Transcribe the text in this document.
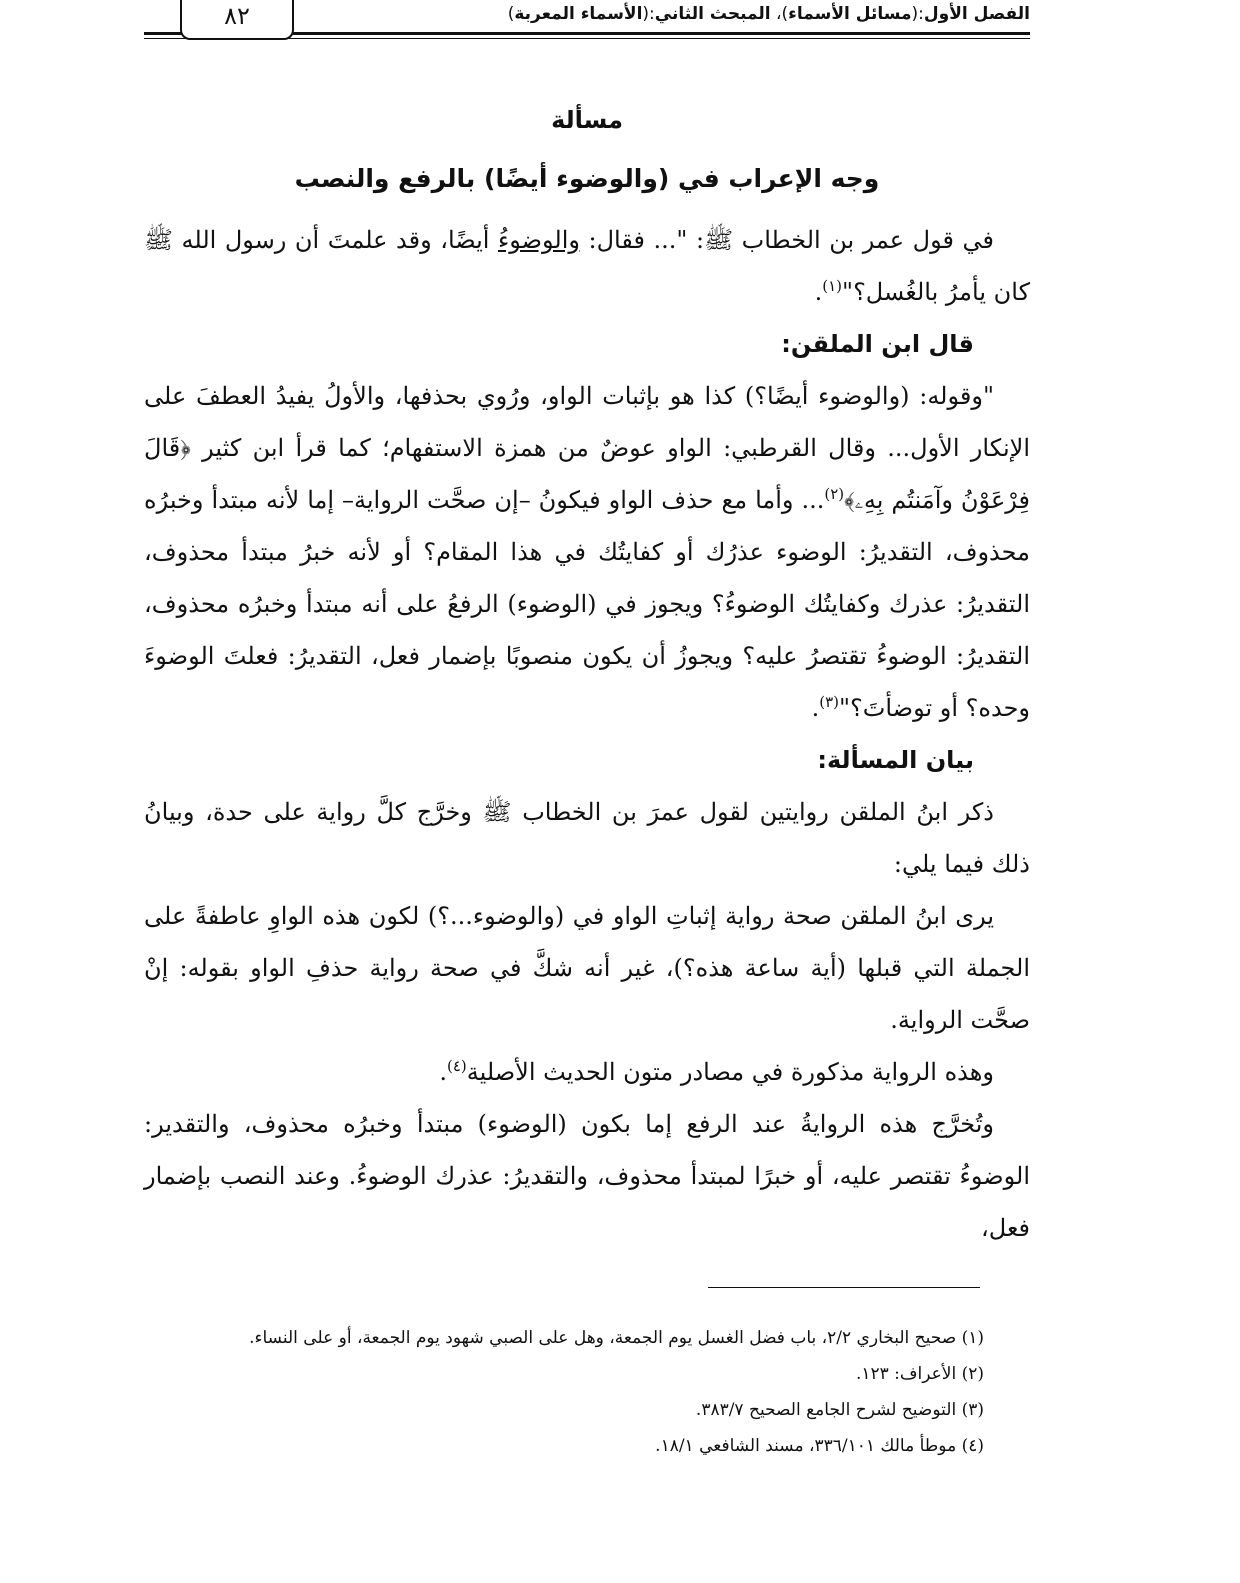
الفصل الأول:(مسائل الأسماء)، المبحث الثاني:(الأسماء المعربة)
٨٢
مسألة
وجه الإعراب في (والوضوء أيضًا) بالرفع والنصب

في قول عمر بن الخطاب ﷺ: "... فقال: والوضوءُ أيضًا، وقد علمتَ أن رسول الله ﷺ كان يأمرُ بالغُسل؟"$^{(١)}$.

قال ابن الملقن:

"وقوله: (والوضوء أيضًا؟) كذا هو بإثبات الواو، ورُوي بحذفها، والأولُ يفيدُ العطفَ على الإنكار الأول... وقال القرطبي: الواو عوضٌ من همزة الاستفهام؛ كما قرأ ابن كثير ﴿قَالَ فِرْعَوْنُ وآمَنتُم بِهِۦ﴾$^{(٢)}$... وأما مع حذف الواو فيكونُ –إن صحَّت الرواية– إما لأنه مبتدأ وخبرُه محذوف، التقديرُ: الوضوء عذرُك أو كفايتُك في هذا المقام؟ أو لأنه خبرُ مبتدأ محذوف، التقديرُ: عذرك وكفايتُك الوضوءُ؟ ويجوز في (الوضوء) الرفعُ على أنه مبتدأ وخبرُه محذوف، التقديرُ: الوضوءُ تقتصرُ عليه؟ ويجوزُ أن يكون منصوبًا بإضمار فعل، التقديرُ: فعلتَ الوضوءَ وحده؟ أو توضأتَ؟"$^{(٣)}$.

بيان المسألة:

ذكر ابنُ الملقن روايتين لقول عمرَ بن الخطاب ﷺ وخرَّج كلَّ رواية على حدة، وبيانُ ذلك فيما يلي:

يرى ابنُ الملقن صحة رواية إثباتِ الواو في (والوضوء...؟) لكون هذه الواوِ عاطفةً على الجملة التي قبلها (أية ساعة هذه؟)، غير أنه شكَّ في صحة رواية حذفِ الواو بقوله: إنْ صحَّت الرواية.

وهذه الرواية مذكورة في مصادر متون الحديث الأصلية$^{(٤)}$.

وتُخرَّج هذه الروايةُ عند الرفع إما بكون (الوضوء) مبتدأ وخبرُه محذوف، والتقدير: الوضوءُ تقتصر عليه، أو خبرًا لمبتدأ محذوف، والتقديرُ: عذرك الوضوءُ. وعند النصب بإضمار فعل،

(١) صحيح البخاري ٢/٢، باب فضل الغسل يوم الجمعة، وهل على الصبي شهود يوم الجمعة، أو على النساء.

(٢) الأعراف: ١٢٣.

(٣) التوضيح لشرح الجامع الصحيح ٣٨٣/٧.

(٤) موطأ مالك ٣٣٦/١٠١، مسند الشافعي ١٨/١.
